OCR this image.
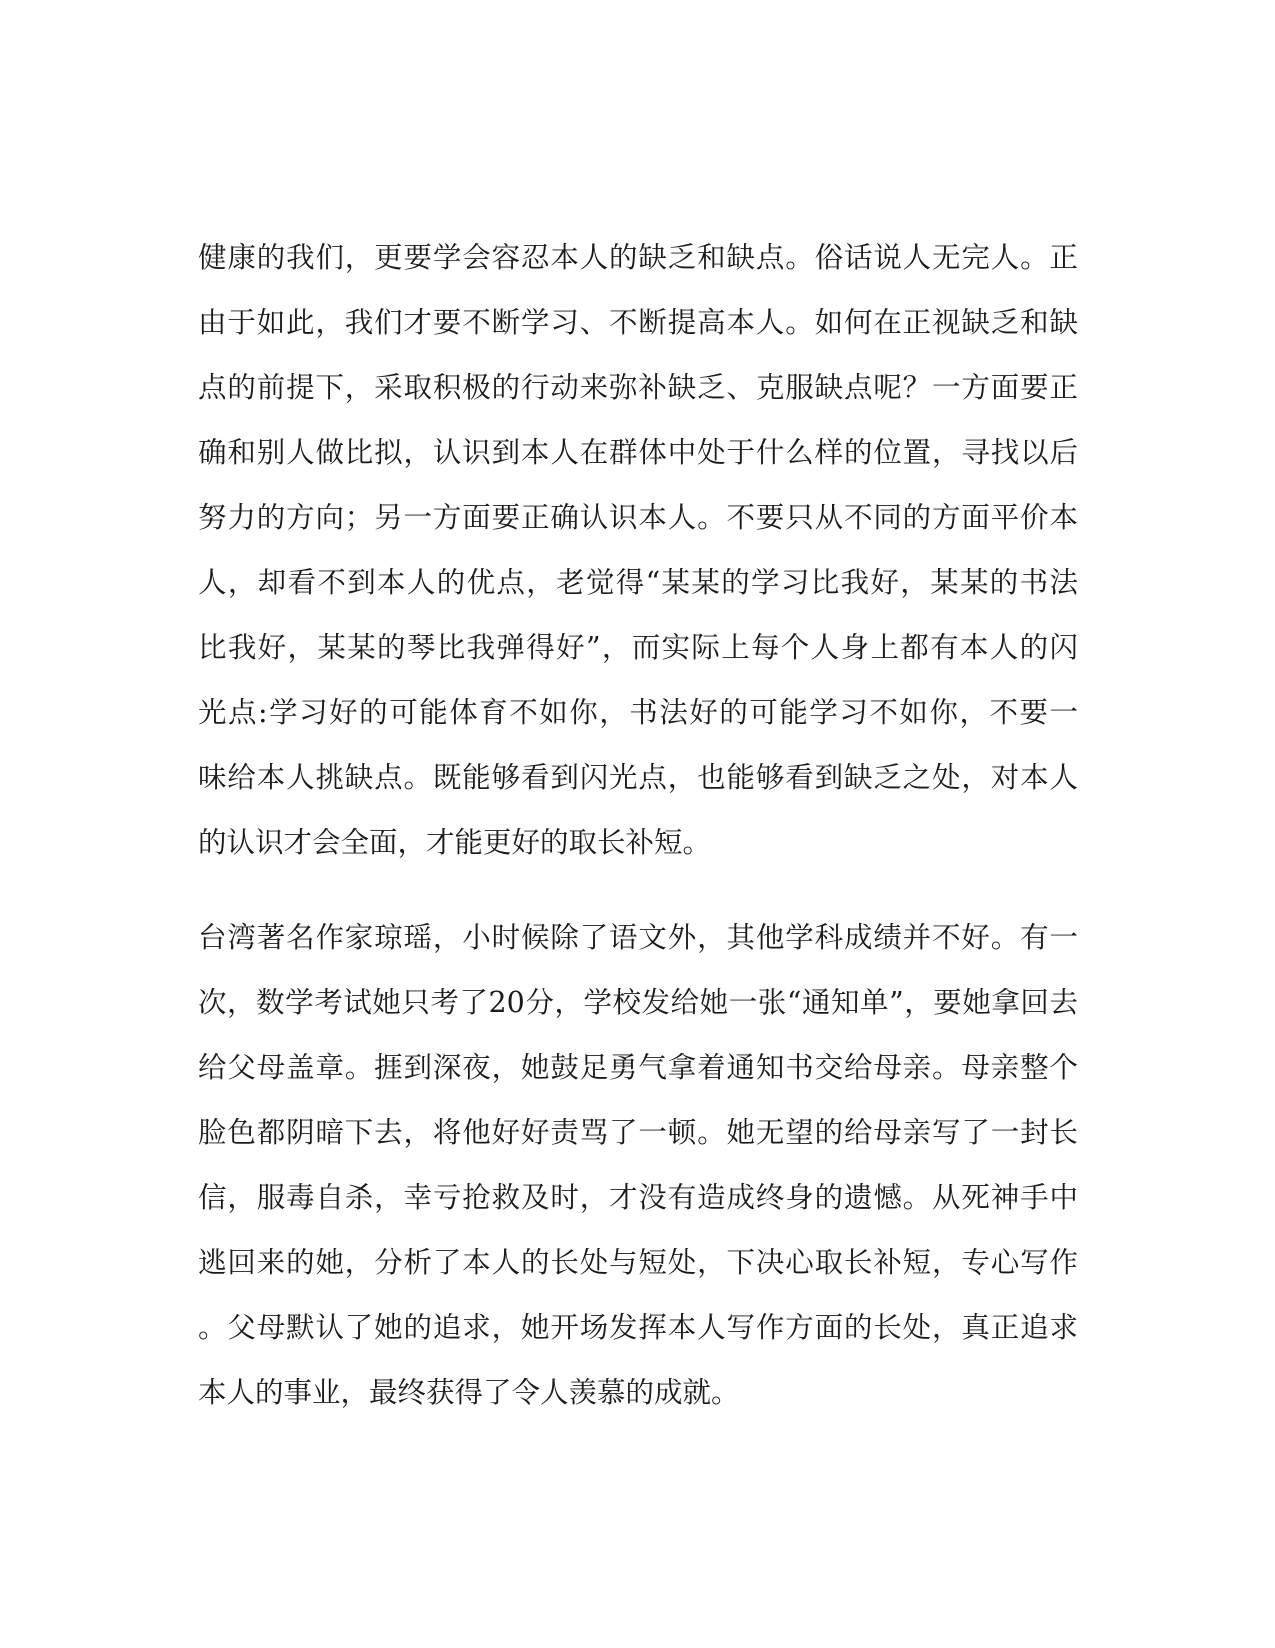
健康的我们，更要学会容忍本人的缺乏和缺点。俗话说人无完人。正
由于如此，我们才要不断学习、不断提高本人。如何在正视缺乏和缺
点的前提下，采取积极的行动来弥补缺乏、克服缺点呢？一方面要正
确和别人做比拟，认识到本人在群体中处于什么样的位置，寻找以后
努力的方向；另一方面要正确认识本人。不要只从不同的方面平价本
人，却看不到本人的优点，老觉得“某某的学习比我好，某某的书法
比我好，某某的琴比我弹得好”，而实际上每个人身上都有本人的闪
光点:学习好的可能体育不如你，书法好的可能学习不如你，不要一
味给本人挑缺点。既能够看到闪光点，也能够看到缺乏之处，对本人
的认识才会全面，才能更好的取长补短。

台湾著名作家琼瑶，小时候除了语文外，其他学科成绩并不好。有一
次，数学考试她只考了20分，学校发给她一张“通知单”，要她拿回去
给父母盖章。捱到深夜，她鼓足勇气拿着通知书交给母亲。母亲整个
脸色都阴暗下去，将他好好责骂了一顿。她无望的给母亲写了一封长
信，服毒自杀，幸亏抢救及时，才没有造成终身的遗憾。从死神手中
逃回来的她，分析了本人的长处与短处，下决心取长补短，专心写作
。父母默认了她的追求，她开场发挥本人写作方面的长处，真正追求
本人的事业，最终获得了令人羡慕的成就。
